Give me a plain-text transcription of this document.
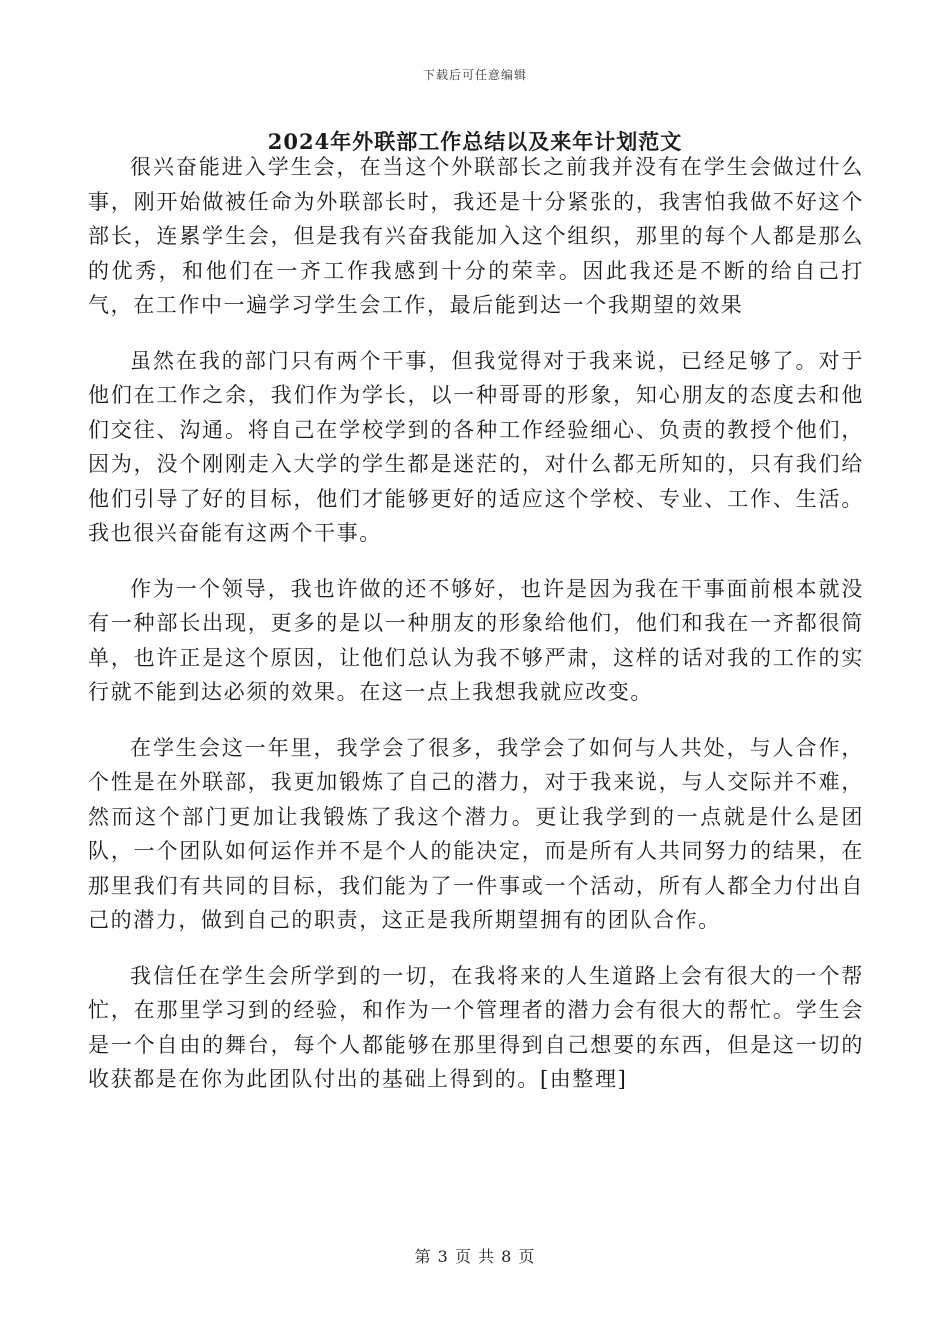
下载后可任意编辑
2024年外联部工作总结以及来年计划范文

很兴奋能进入学生会，在当这个外联部长之前我并没有在学生会做过什么事，刚开始做被任命为外联部长时，我还是十分紧张的，我害怕我做不好这个部长，连累学生会，但是我有兴奋我能加入这个组织，那里的每个人都是那么的优秀，和他们在一齐工作我感到十分的荣幸。因此我还是不断的给自己打气，在工作中一遍学习学生会工作，最后能到达一个我期望的效果

虽然在我的部门只有两个干事，但我觉得对于我来说，已经足够了。对于他们在工作之余，我们作为学长，以一种哥哥的形象，知心朋友的态度去和他们交往、沟通。将自己在学校学到的各种工作经验细心、负责的教授个他们，因为，没个刚刚走入大学的学生都是迷茫的，对什么都无所知的，只有我们给他们引导了好的目标，他们才能够更好的适应这个学校、专业、工作、生活。我也很兴奋能有这两个干事。

作为一个领导，我也许做的还不够好，也许是因为我在干事面前根本就没有一种部长出现，更多的是以一种朋友的形象给他们，他们和我在一齐都很简单，也许正是这个原因，让他们总认为我不够严肃，这样的话对我的工作的实行就不能到达必须的效果。在这一点上我想我就应改变。

在学生会这一年里，我学会了很多，我学会了如何与人共处，与人合作，个性是在外联部，我更加锻炼了自己的潜力，对于我来说，与人交际并不难，然而这个部门更加让我锻炼了我这个潜力。更让我学到的一点就是什么是团队，一个团队如何运作并不是个人的能决定，而是所有人共同努力的结果，在那里我们有共同的目标，我们能为了一件事或一个活动，所有人都全力付出自己的潜力，做到自己的职责，这正是我所期望拥有的团队合作。

我信任在学生会所学到的一切，在我将来的人生道路上会有很大的一个帮忙，在那里学习到的经验，和作为一个管理者的潜力会有很大的帮忙。学生会是一个自由的舞台，每个人都能够在那里得到自己想要的东西，但是这一切的收获都是在你为此团队付出的基础上得到的。[由整理]

第 3 页 共 8 页
